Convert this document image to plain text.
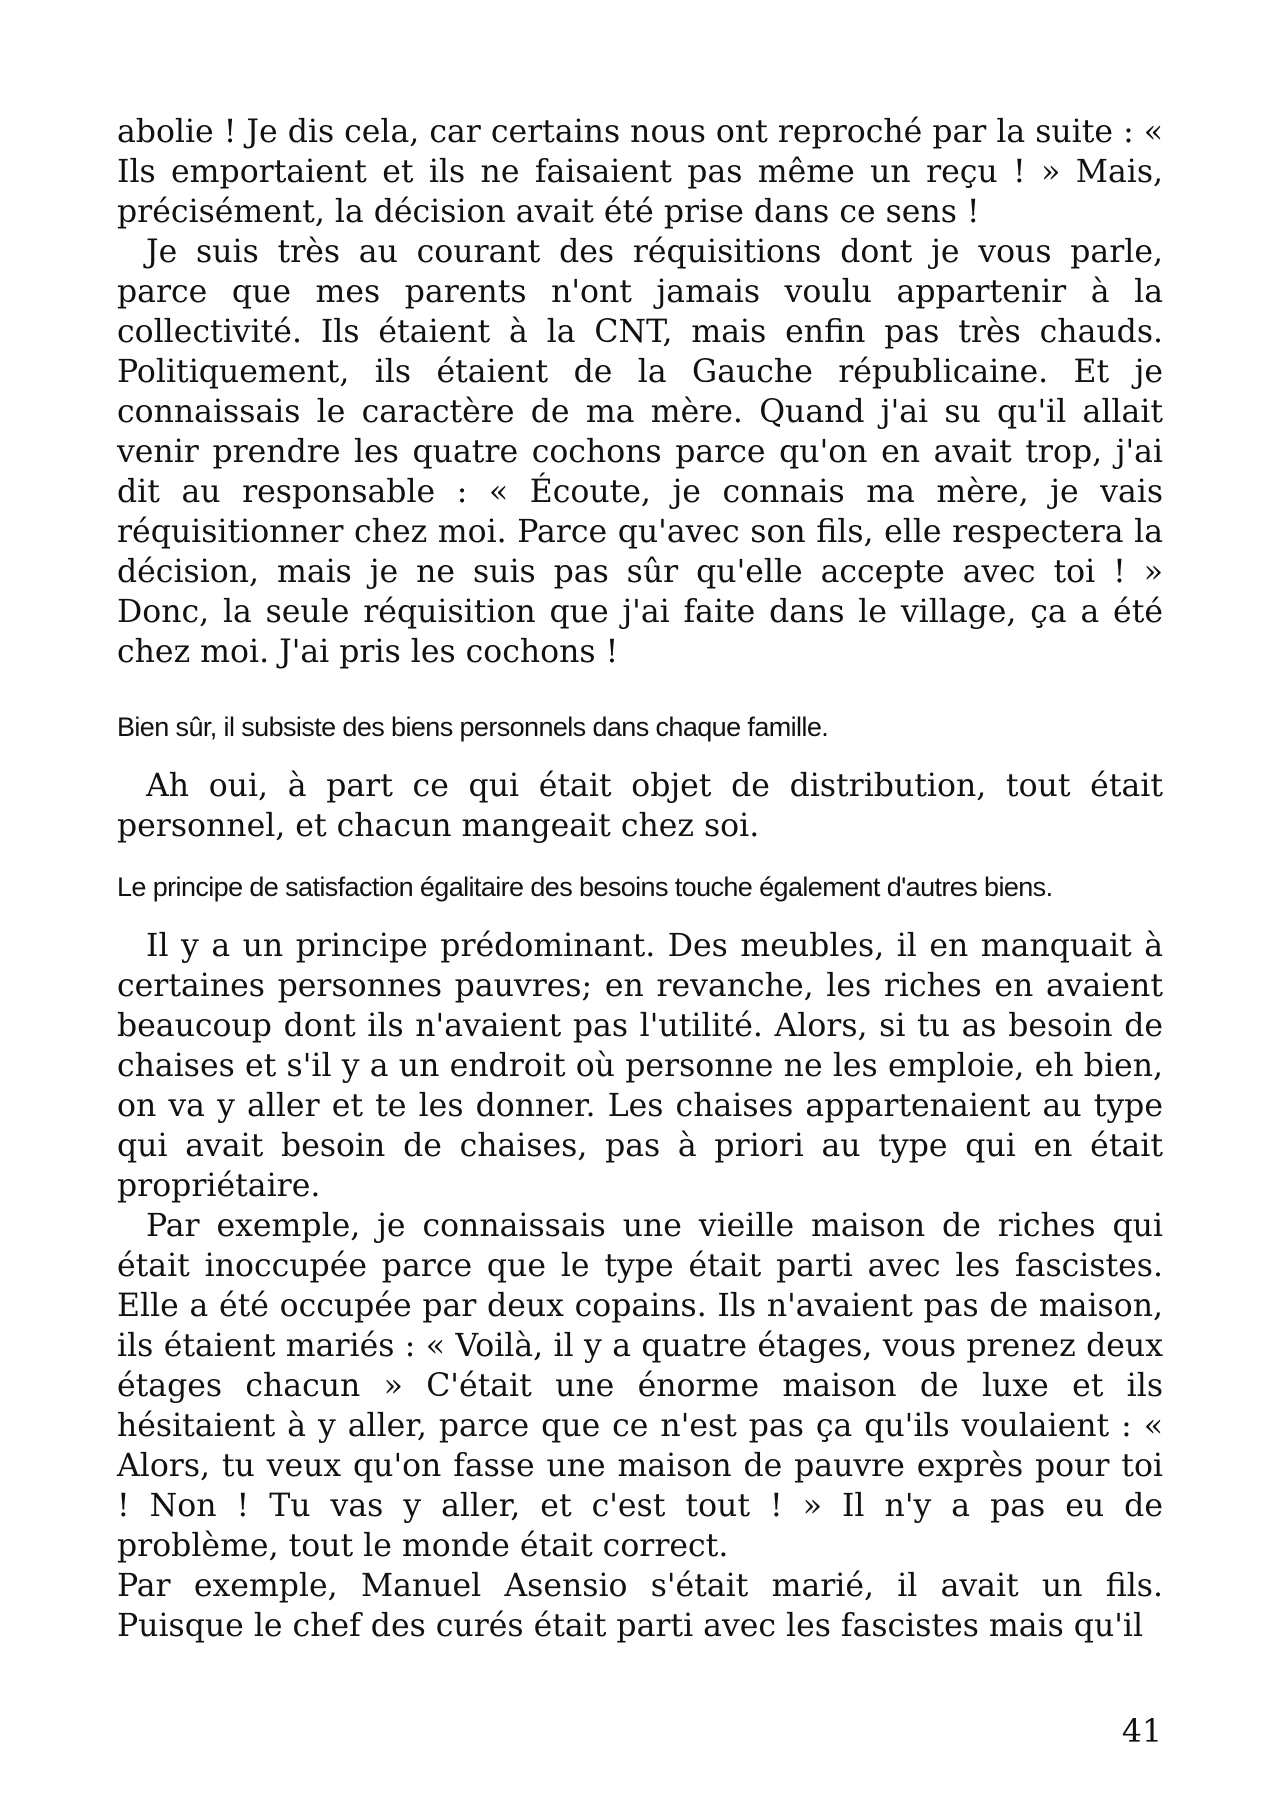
abolie ! Je dis cela, car certains nous ont reproché par la suite : « Ils emportaient et ils ne faisaient pas même un reçu ! » Mais, précisément, la décision avait été prise dans ce sens !

Je suis très au courant des réquisitions dont je vous parle, parce que mes parents n'ont jamais voulu appartenir à la collectivité. Ils étaient à la CNT, mais enfin pas très chauds. Politiquement, ils étaient de la Gauche républicaine. Et je connaissais le caractère de ma mère. Quand j'ai su qu'il allait venir prendre les quatre cochons parce qu'on en avait trop, j'ai dit au responsable : « Écoute, je connais ma mère, je vais réquisitionner chez moi. Parce qu'avec son fils, elle respectera la décision, mais je ne suis pas sûr qu'elle accepte avec toi ! » Donc, la seule réquisition que j'ai faite dans le village, ça a été chez moi. J'ai pris les cochons !

Bien sûr, il subsiste des biens personnels dans chaque famille.

Ah oui, à part ce qui était objet de distribution, tout était personnel, et chacun mangeait chez soi.

Le principe de satisfaction égalitaire des besoins touche également d'autres biens.

Il y a un principe prédominant. Des meubles, il en manquait à certaines personnes pauvres; en revanche, les riches en avaient beaucoup dont ils n'avaient pas l'utilité. Alors, si tu as besoin de chaises et s'il y a un endroit où personne ne les emploie, eh bien, on va y aller et te les donner. Les chaises appartenaient au type qui avait besoin de chaises, pas à priori au type qui en était propriétaire.

Par exemple, je connaissais une vieille maison de riches qui était inoccupée parce que le type était parti avec les fascistes. Elle a été occupée par deux copains. Ils n'avaient pas de maison, ils étaient mariés : « Voilà, il y a quatre étages, vous prenez deux étages chacun » C'était une énorme maison de luxe et ils hésitaient à y aller, parce que ce n'est pas ça qu'ils voulaient : « Alors, tu veux qu'on fasse une maison de pauvre exprès pour toi ! Non ! Tu vas y aller, et c'est tout ! » Il n'y a pas eu de problème, tout le monde était correct.

Par exemple, Manuel Asensio s'était marié, il avait un fils. Puisque le chef des curés était parti avec les fascistes mais qu'il

41
